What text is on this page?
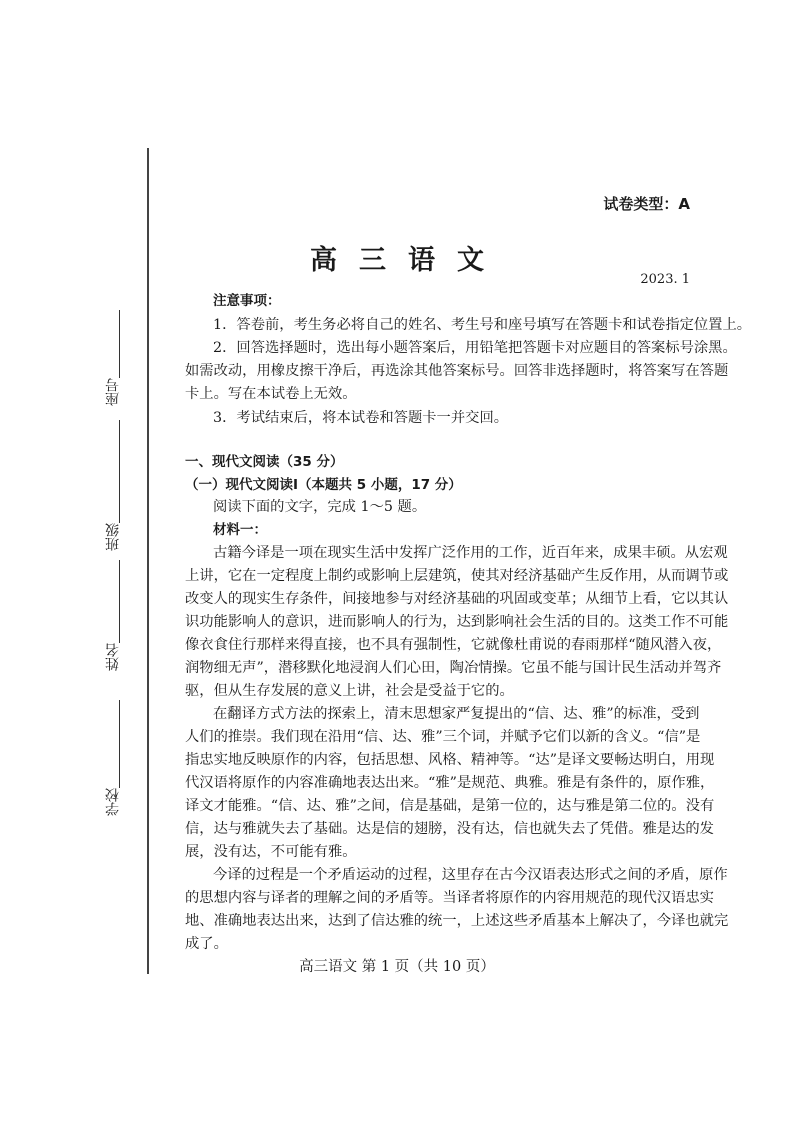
座号
班级
姓名
学校
试卷类型：A
高三语文
2023. 1
注意事项：
1．答卷前，考生务必将自己的姓名、考生号和座号填写在答题卡和试卷指定位置上。
2．回答选择题时，选出每小题答案后，用铅笔把答题卡对应题目的答案标号涂黑。
如需改动，用橡皮擦干净后，再选涂其他答案标号。回答非选择题时，将答案写在答题
卡上。写在本试卷上无效。
3．考试结束后，将本试卷和答题卡一并交回。
一、现代文阅读（35 分）
（一）现代文阅读Ⅰ（本题共 5 小题，17 分）
阅读下面的文字，完成 1～5 题。
材料一：
古籍今译是一项在现实生活中发挥广泛作用的工作，近百年来，成果丰硕。从宏观
上讲，它在一定程度上制约或影响上层建筑，使其对经济基础产生反作用，从而调节或
改变人的现实生存条件，间接地参与对经济基础的巩固或变革；从细节上看，它以其认
识功能影响人的意识，进而影响人的行为，达到影响社会生活的目的。这类工作不可能
像衣食住行那样来得直接，也不具有强制性，它就像杜甫说的春雨那样“随风潜入夜，
润物细无声”，潜移默化地浸润人们心田，陶冶情操。它虽不能与国计民生活动并驾齐
驱，但从生存发展的意义上讲，社会是受益于它的。
在翻译方式方法的探索上，清末思想家严复提出的“信、达、雅”的标准，受到
人们的推崇。我们现在沿用“信、达、雅”三个词，并赋予它们以新的含义。“信”是
指忠实地反映原作的内容，包括思想、风格、精神等。“达”是译文要畅达明白，用现
代汉语将原作的内容准确地表达出来。“雅”是规范、典雅。雅是有条件的，原作雅，
译文才能雅。“信、达、雅”之间，信是基础，是第一位的，达与雅是第二位的。没有
信，达与雅就失去了基础。达是信的翅膀，没有达，信也就失去了凭借。雅是达的发
展，没有达，不可能有雅。
今译的过程是一个矛盾运动的过程，这里存在古今汉语表达形式之间的矛盾，原作
的思想内容与译者的理解之间的矛盾等。当译者将原作的内容用规范的现代汉语忠实
地、准确地表达出来，达到了信达雅的统一，上述这些矛盾基本上解决了，今译也就完
成了。
高三语文 第 1 页（共 10 页）
